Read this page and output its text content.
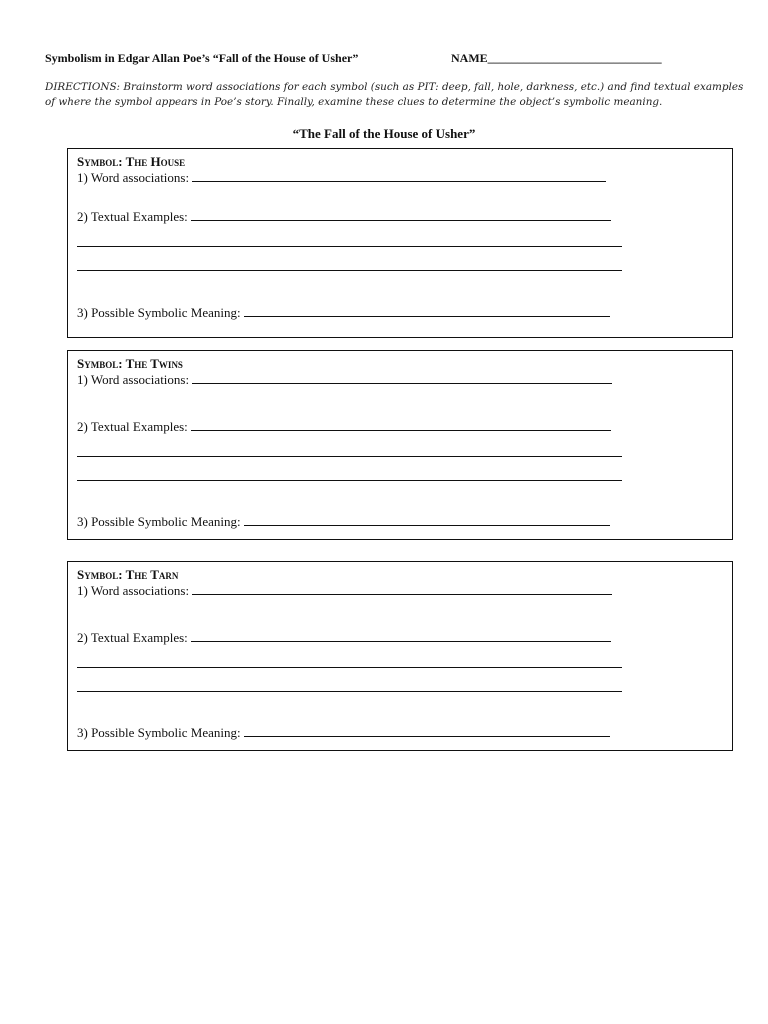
Symbolism in Edgar Allan Poe’s “Fall of the House of Usher”	NAME_____________________________
DIRECTIONS: Brainstorm word associations for each symbol (such as PIT: deep, fall, hole, darkness, etc.) and find textual examples of where the symbol appears in Poe’s story. Finally, examine these clues to determine the object’s symbolic meaning.
“The Fall of the House of Usher”
Symbol: The House
1) Word associations:
2) Textual Examples:
3) Possible Symbolic Meaning:
Symbol: The Twins
1) Word associations:
2) Textual Examples:
3) Possible Symbolic Meaning:
Symbol: The Tarn
1) Word associations:
2) Textual Examples:
3) Possible Symbolic Meaning:
